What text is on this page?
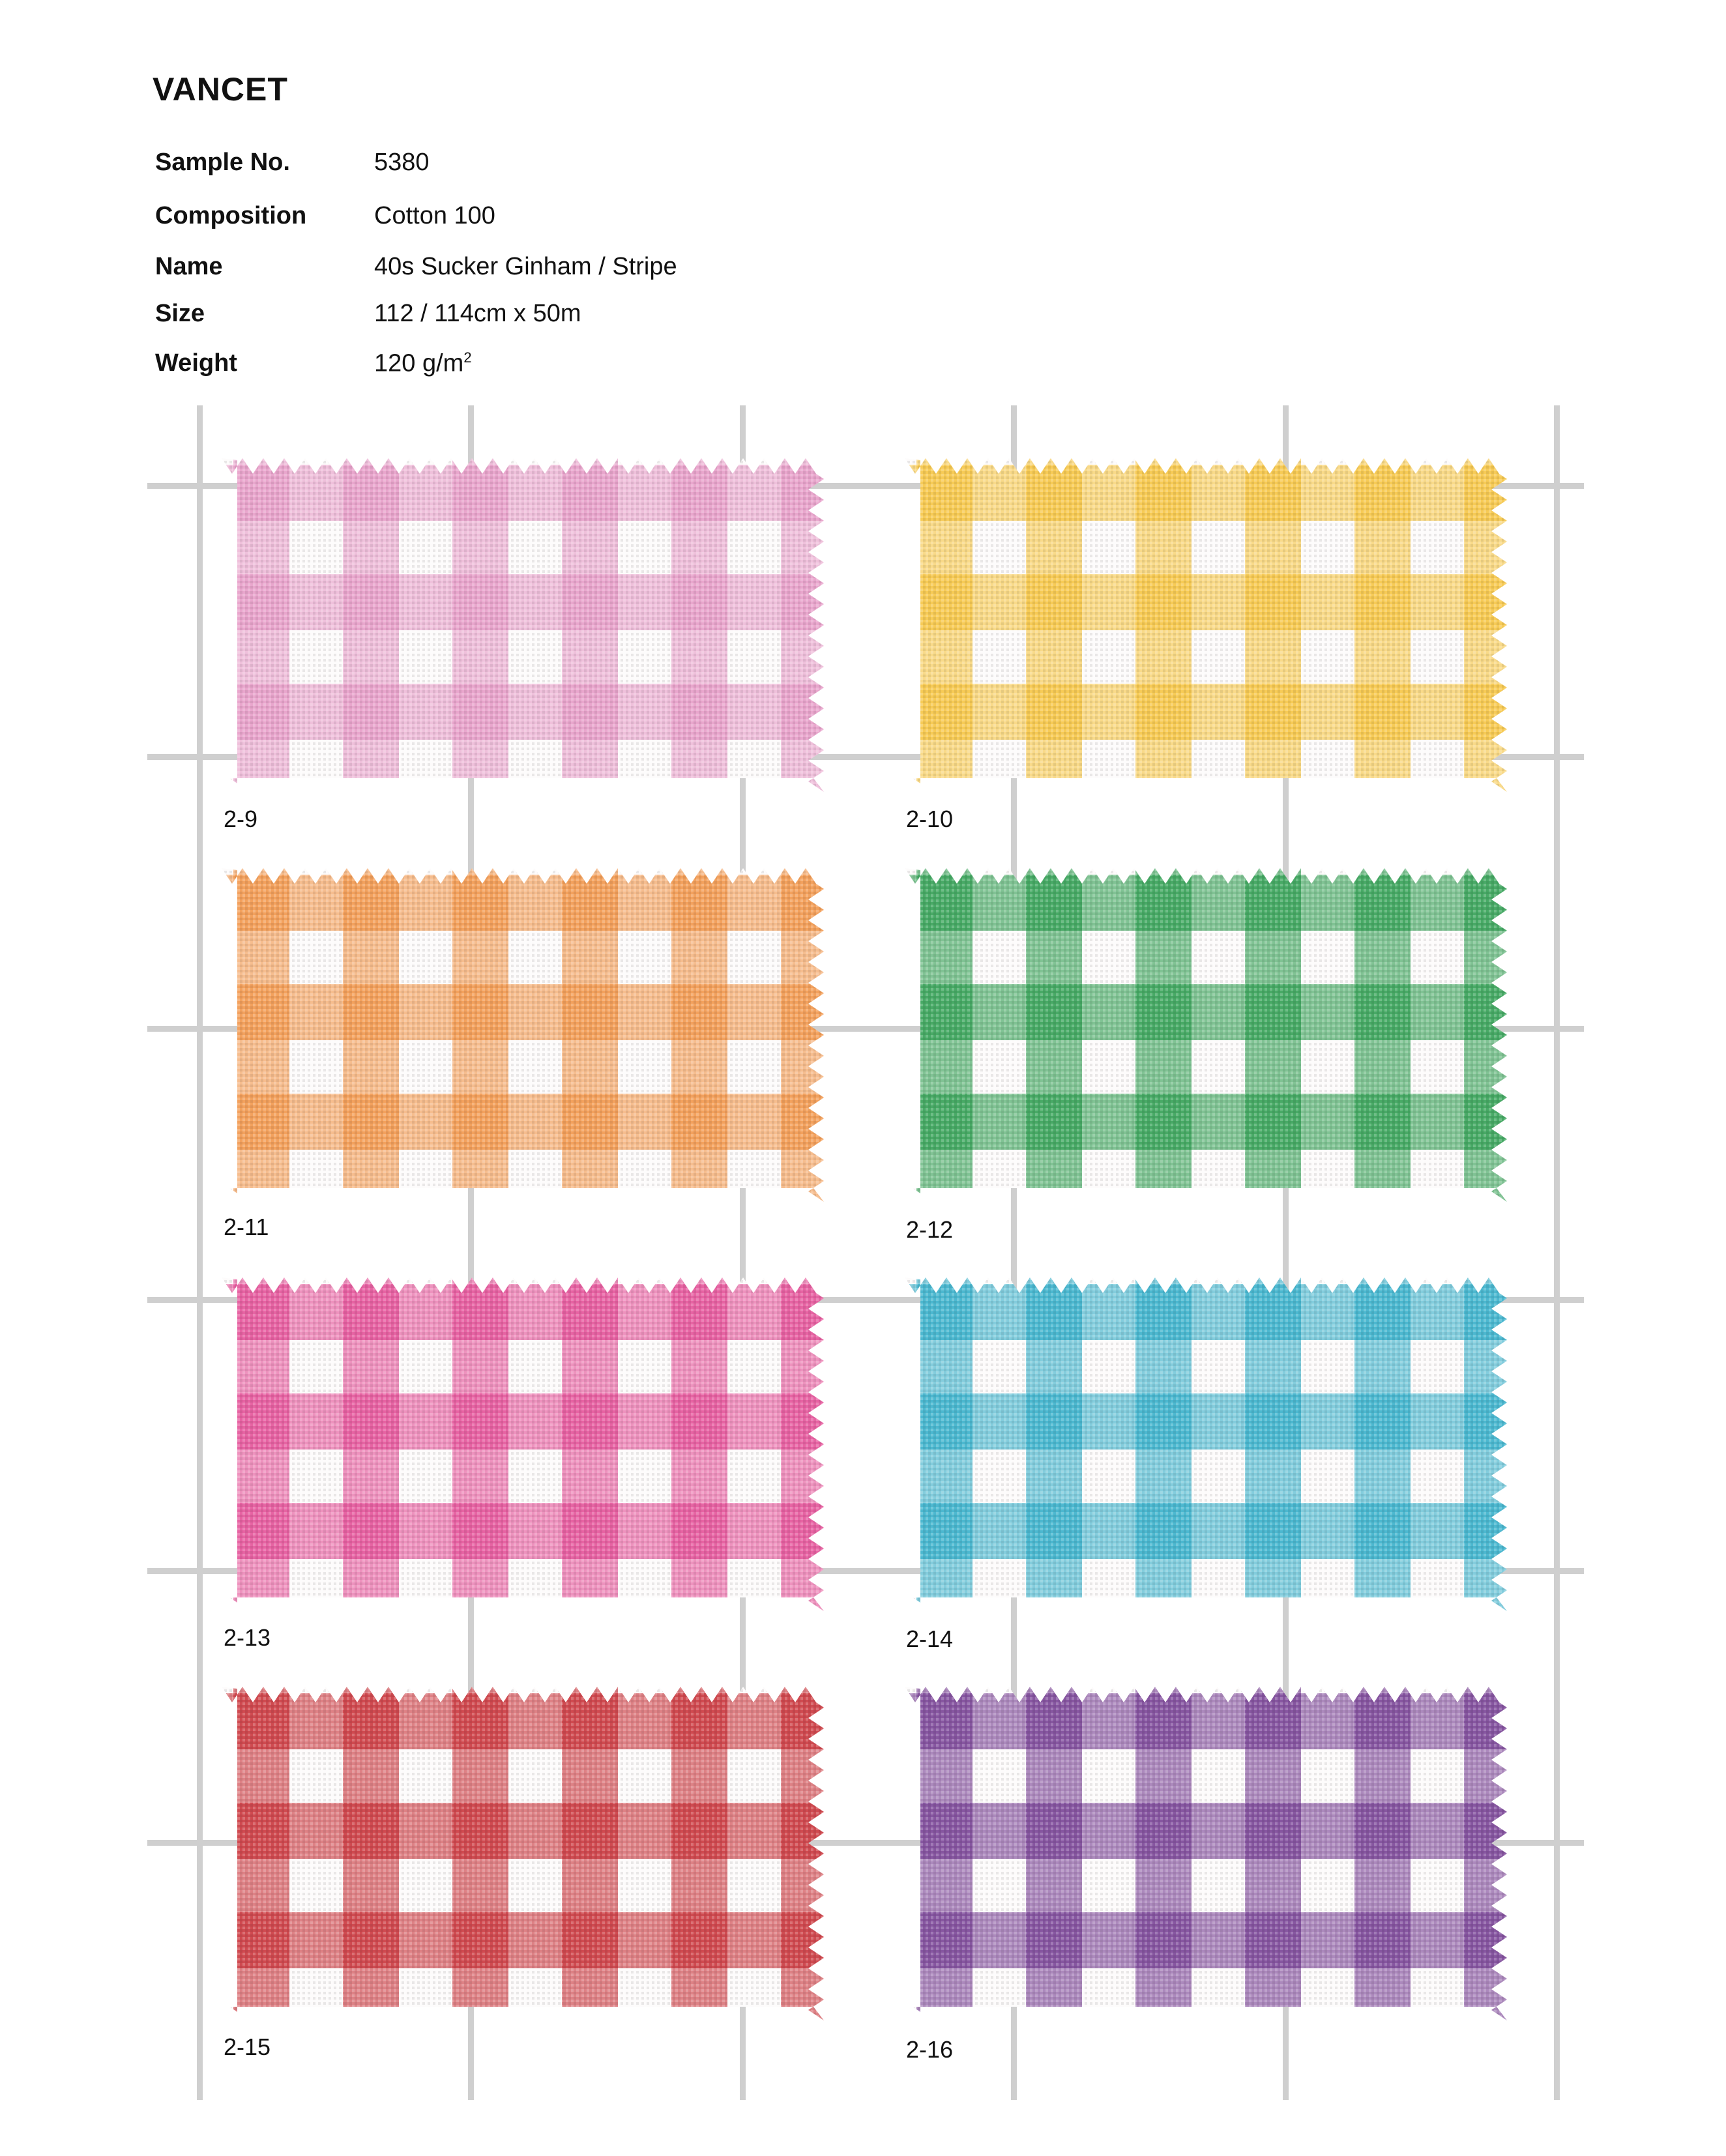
VANCET
Sample No.	5380
Composition	Cotton 100
Name	40s Sucker Ginham / Stripe
Size	112 / 114cm x 50m
Weight	120 $g/m^2$
2-9	2-10
2-11	2-12
2-13	2-14
2-15	2-16
